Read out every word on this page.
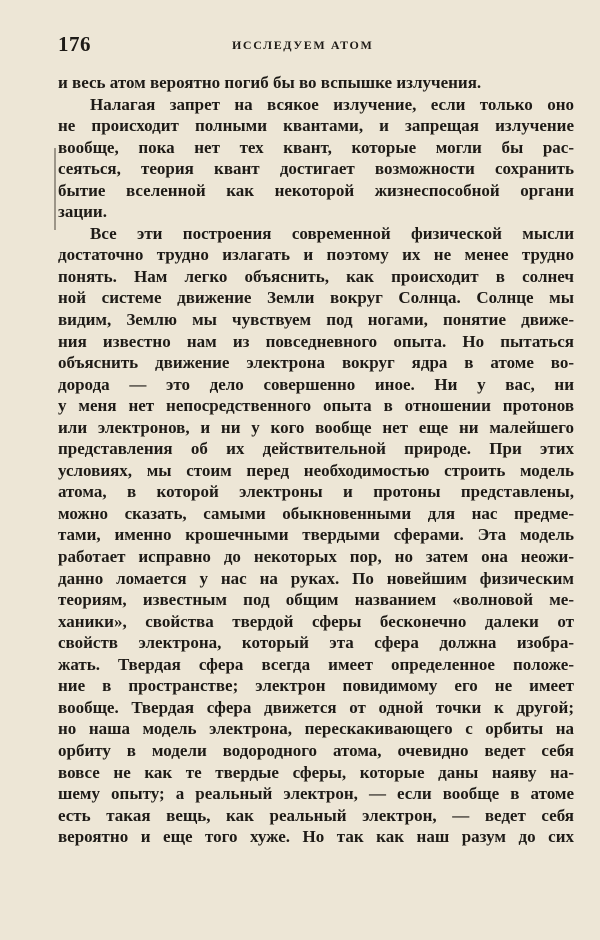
176	ИССЛЕДУЕМ АТОМ
и весь атом вероятно погиб бы во вспышке излучения.
Налагая запрет на всякое излучение, если только оно
не происходит полными квантами, и запрещая излучение
вообще, пока нет тех квант, которые могли бы рас-
сеяться, теория квант достигает возможности сохранить
бытие вселенной как некоторой жизнеспособной органи
зации.
Все эти построения современной физической мысли
достаточно трудно излагать и поэтому их не менее трудно
понять. Нам легко объяснить, как происходит в солнеч
ной системе движение Земли вокруг Солнца. Солнце мы
видим, Землю мы чувствуем под ногами, понятие движе-
ния известно нам из повседневного опыта. Но пытаться
объяснить движение электрона вокруг ядра в атоме во-
дорода — это дело совершенно иное. Ни у вас, ни
у меня нет непосредственного опыта в отношении протонов
или электронов, и ни у кого вообще нет еще ни малейшего
представления об их действительной природе. При этих
условиях, мы стоим перед необходимостью строить модель
атома, в которой электроны и протоны представлены,
можно сказать, самыми обыкновенными для нас предме-
тами, именно крошечными твердыми сферами. Эта модель
работает исправно до некоторых пор, но затем она неожи-
данно ломается у нас на руках. По новейшим физическим
теориям, известным под общим названием «волновой ме-
ханики», свойства твердой сферы бесконечно далеки от
свойств электрона, который эта сфера должна изобра-
жать. Твердая сфера всегда имеет определенное положе-
ние в пространстве; электрон повидимому его не имеет
вообще. Твердая сфера движется от одной точки к другой;
но наша модель электрона, перескакивающего с орбиты на
орбиту в модели водородного атома, очевидно ведет себя
вовсе не как те твердые сферы, которые даны наяву на-
шему опыту; а реальный электрон, — если вообще в атоме
есть такая вещь, как реальный электрон, — ведет себя
вероятно и еще того хуже. Но так как наш разум до сих
